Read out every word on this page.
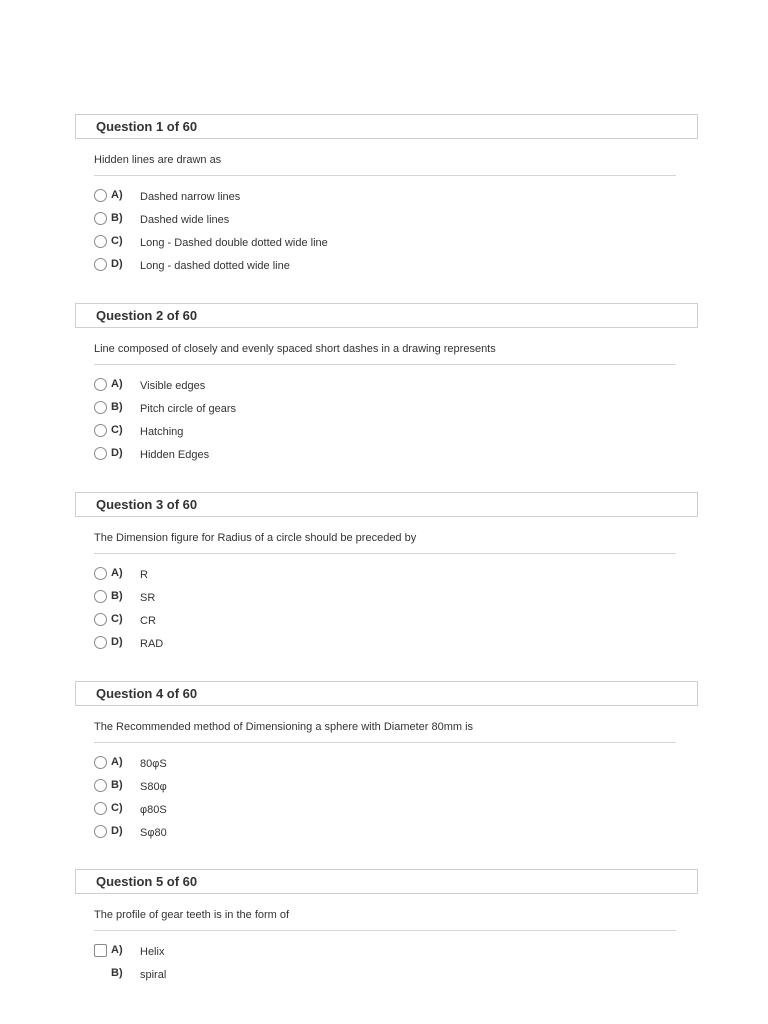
Question 1 of 60
Hidden lines are drawn as
A) Dashed narrow lines
B) Dashed wide lines
C) Long - Dashed double dotted wide line
D) Long - dashed dotted wide line
Question 2 of 60
Line composed of closely and evenly spaced short dashes in a drawing represents
A) Visible edges
B) Pitch circle of gears
C) Hatching
D) Hidden Edges
Question 3 of 60
The Dimension figure for Radius of a circle should be preceded by
A) R
B) SR
C) CR
D) RAD
Question 4 of 60
The Recommended method of Dimensioning a sphere with Diameter 80mm is
A) 80φS
B) S80φ
C) φ80S
D) Sφ80
Question 5 of 60
The profile of gear teeth is in the form of
A) Helix
B) spiral
